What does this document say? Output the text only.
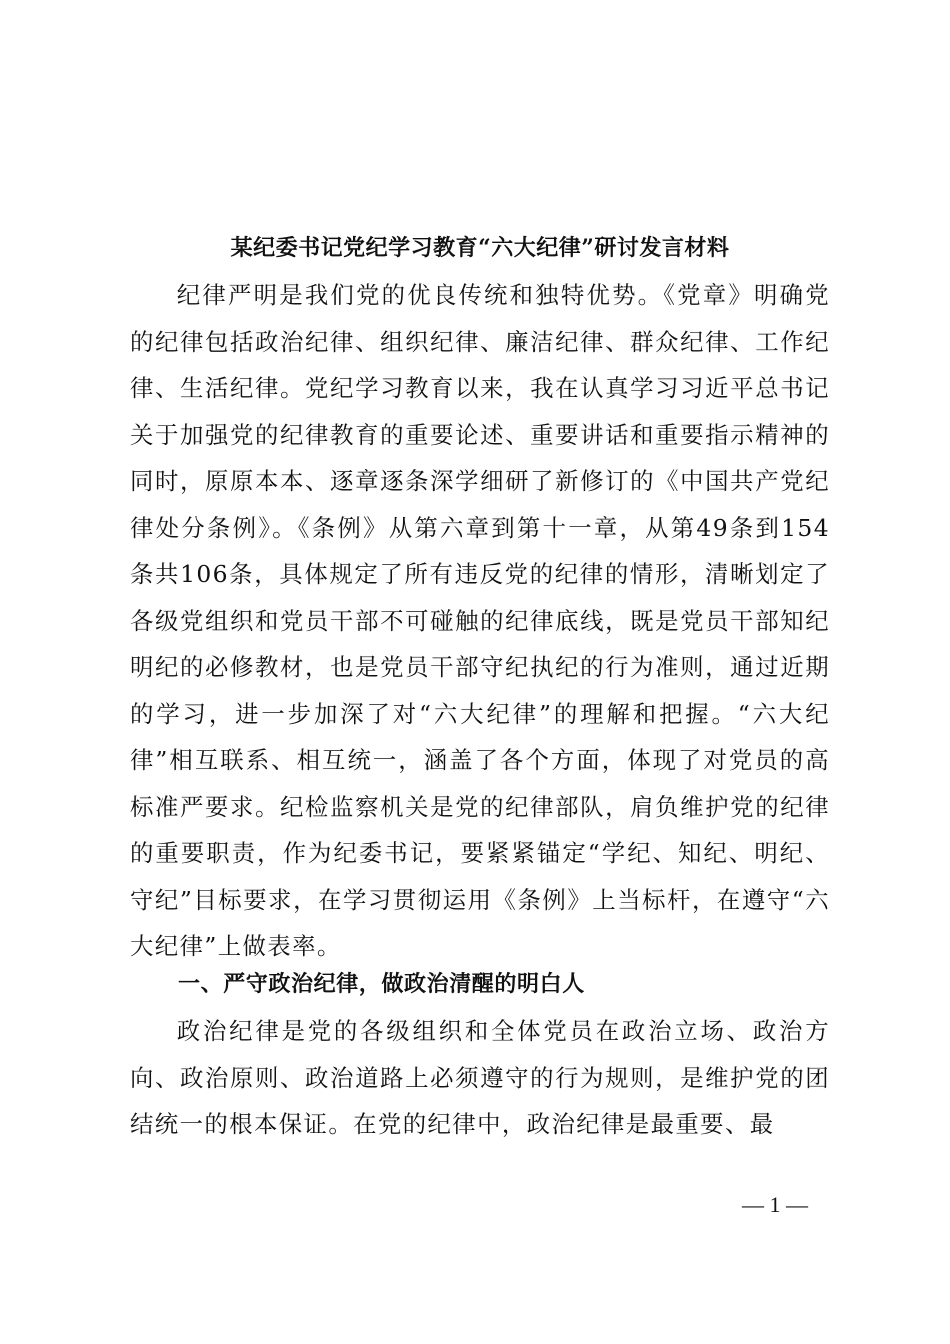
某纪委书记党纪学习教育“六大纪律”研讨发言材料
纪律严明是我们党的优良传统和独特优势。《党章》明确党的纪律包括政治纪律、组织纪律、廉洁纪律、群众纪律、工作纪律、生活纪律。党纪学习教育以来，我在认真学习习近平总书记关于加强党的纪律教育的重要论述、重要讲话和重要指示精神的同时，原原本本、逐章逐条深学细研了新修订的《中国共产党纪律处分条例》。《条例》从第六章到第十一章，从第49条到154条共106条，具体规定了所有违反党的纪律的情形，清晰划定了各级党组织和党员干部不可碰触的纪律底线，既是党员干部知纪明纪的必修教材，也是党员干部守纪执纪的行为准则，通过近期的学习，进一步加深了对“六大纪律”的理解和把握。“六大纪律”相互联系、相互统一，涵盖了各个方面，体现了对党员的高标准严要求。纪检监察机关是党的纪律部队，肩负维护党的纪律的重要职责，作为纪委书记，要紧紧锚定“学纪、知纪、明纪、守纪”目标要求，在学习贯彻运用《条例》上当标杆，在遵守“六大纪律”上做表率。
一、严守政治纪律，做政治清醒的明白人
政治纪律是党的各级组织和全体党员在政治立场、政治方向、政治原则、政治道路上必须遵守的行为规则，是维护党的团结统一的根本保证。在党的纪律中，政治纪律是最重要、最
— 1 —
